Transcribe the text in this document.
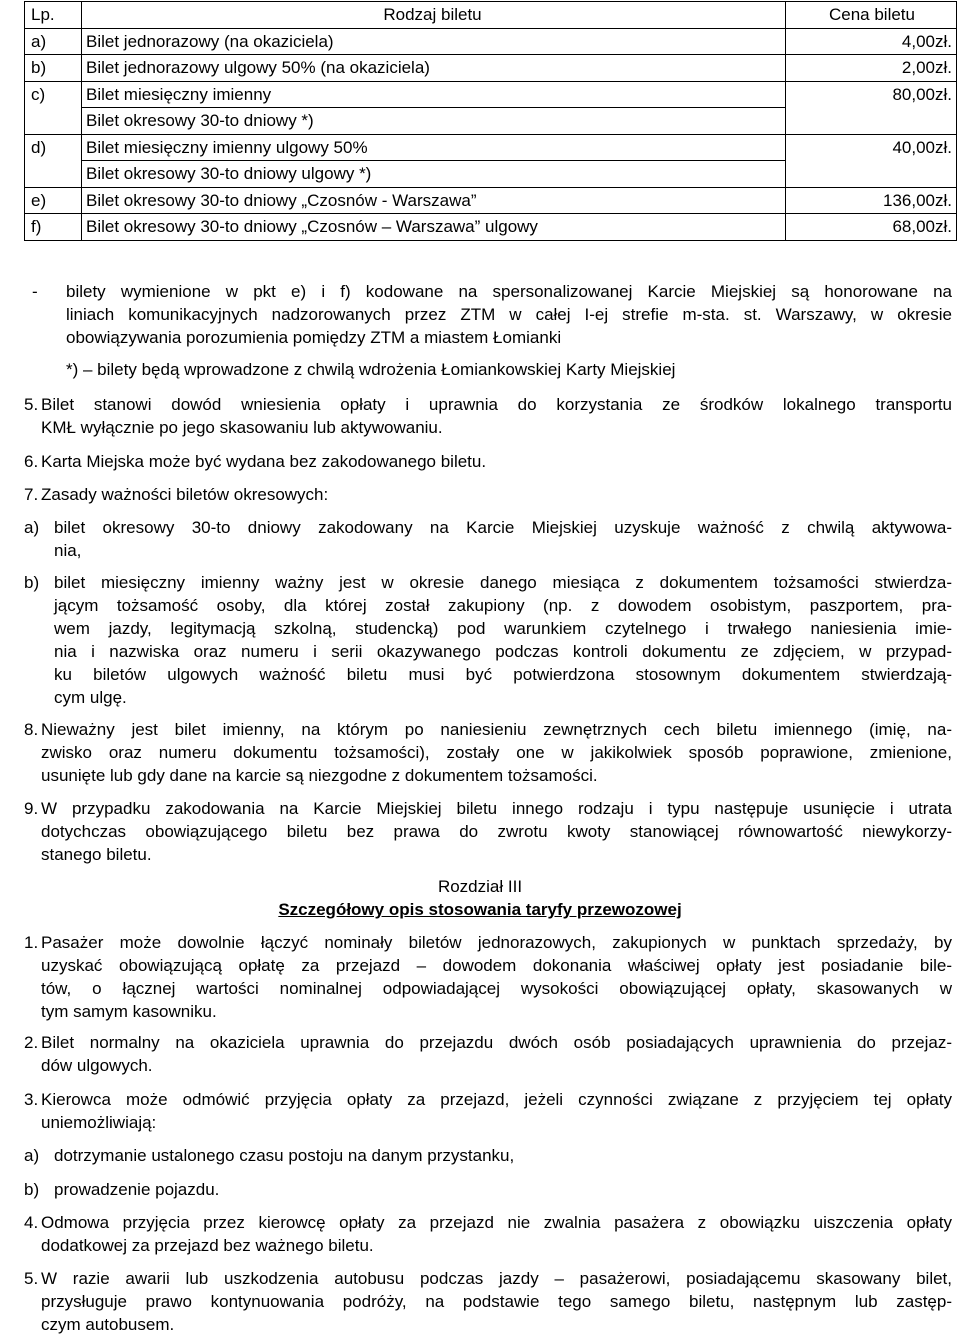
Lp.	Rodzaj biletu	Cena biletu
a)	Bilet jednorazowy (na okaziciela)	4,00zł.
b)	Bilet jednorazowy ulgowy 50% (na okaziciela)	2,00zł.
c)	Bilet miesięczny imienny	80,00zł.
	Bilet okresowy 30-to dniowy *)	
d)	Bilet miesięczny imienny ulgowy 50%	40,00zł.
	Bilet okresowy 30-to dniowy ulgowy *)	
e)	Bilet okresowy 30-to dniowy „Czosnów - Warszawa”	136,00zł.
f)	Bilet okresowy 30-to dniowy „Czosnów – Warszawa” ulgowy	68,00zł.
- bilety wymienione w pkt e) i f) kodowane na spersonalizowanej Karcie Miejskiej są honorowane na
liniach komunikacyjnych nadzorowanych przez ZTM w całej I-ej strefie m-sta. st. Warszawy, w okresie
obowiązywania porozumienia pomiędzy ZTM a miastem Łomianki
*) – bilety będą wprowadzone z chwilą wdrożenia Łomiankowskiej Karty Miejskiej
5. Bilet stanowi dowód wniesienia opłaty i uprawnia do korzystania ze środków lokalnego transportu
KMŁ wyłącznie po jego skasowaniu lub aktywowaniu.
6. Karta Miejska może być wydana bez zakodowanego biletu.
7. Zasady ważności biletów okresowych:
a) bilet okresowy 30-to dniowy zakodowany na Karcie Miejskiej uzyskuje ważność z chwilą aktywowa-
nia,
b) bilet miesięczny imienny ważny jest w okresie danego miesiąca z dokumentem tożsamości stwierdza-
jącym tożsamość osoby, dla której został zakupiony (np. z dowodem osobistym, paszportem, pra-
wem jazdy, legitymacją szkolną, studencką) pod warunkiem czytelnego i trwałego naniesienia imie-
nia i nazwiska oraz numeru i serii okazywanego podczas kontroli dokumentu ze zdjęciem, w przypad-
ku biletów ulgowych ważność biletu musi być potwierdzona stosownym dokumentem stwierdzają-
cym ulgę.
8. Nieważny jest bilet imienny, na którym po naniesieniu zewnętrznych cech biletu imiennego (imię, na-
zwisko oraz numeru dokumentu tożsamości), zostały one w jakikolwiek sposób poprawione, zmienione,
usunięte lub gdy dane na karcie są niezgodne z dokumentem tożsamości.
9. W przypadku zakodowania na Karcie Miejskiej biletu innego rodzaju i typu następuje usunięcie i utrata
dotychczas obowiązującego biletu bez prawa do zwrotu kwoty stanowiącej równowartość niewykorzy-
stanego biletu.
Rozdział III
Szczegółowy opis stosowania taryfy przewozowej
1. Pasażer może dowolnie łączyć nominały biletów jednorazowych, zakupionych w punktach sprzedaży, by
uzyskać obowiązującą opłatę za przejazd – dowodem dokonania właściwej opłaty jest posiadanie bile-
tów, o łącznej wartości nominalnej odpowiadającej wysokości obowiązującej opłaty, skasowanych w
tym samym kasowniku.
2. Bilet normalny na okaziciela uprawnia do przejazdu dwóch osób posiadających uprawnienia do przejaz-
dów ulgowych.
3. Kierowca może odmówić przyjęcia opłaty za przejazd, jeżeli czynności związane z przyjęciem tej opłaty
uniemożliwiają:
a) dotrzymanie ustalonego czasu postoju na danym przystanku,
b) prowadzenie pojazdu.
4. Odmowa przyjęcia przez kierowcę opłaty za przejazd nie zwalnia pasażera z obowiązku uiszczenia opłaty
dodatkowej za przejazd bez ważnego biletu.
5. W razie awarii lub uszkodzenia autobusu podczas jazdy – pasażerowi, posiadającemu skasowany bilet,
przysługuje prawo kontynuowania podróży, na podstawie tego samego biletu, następnym lub zastęp-
czym autobusem.
